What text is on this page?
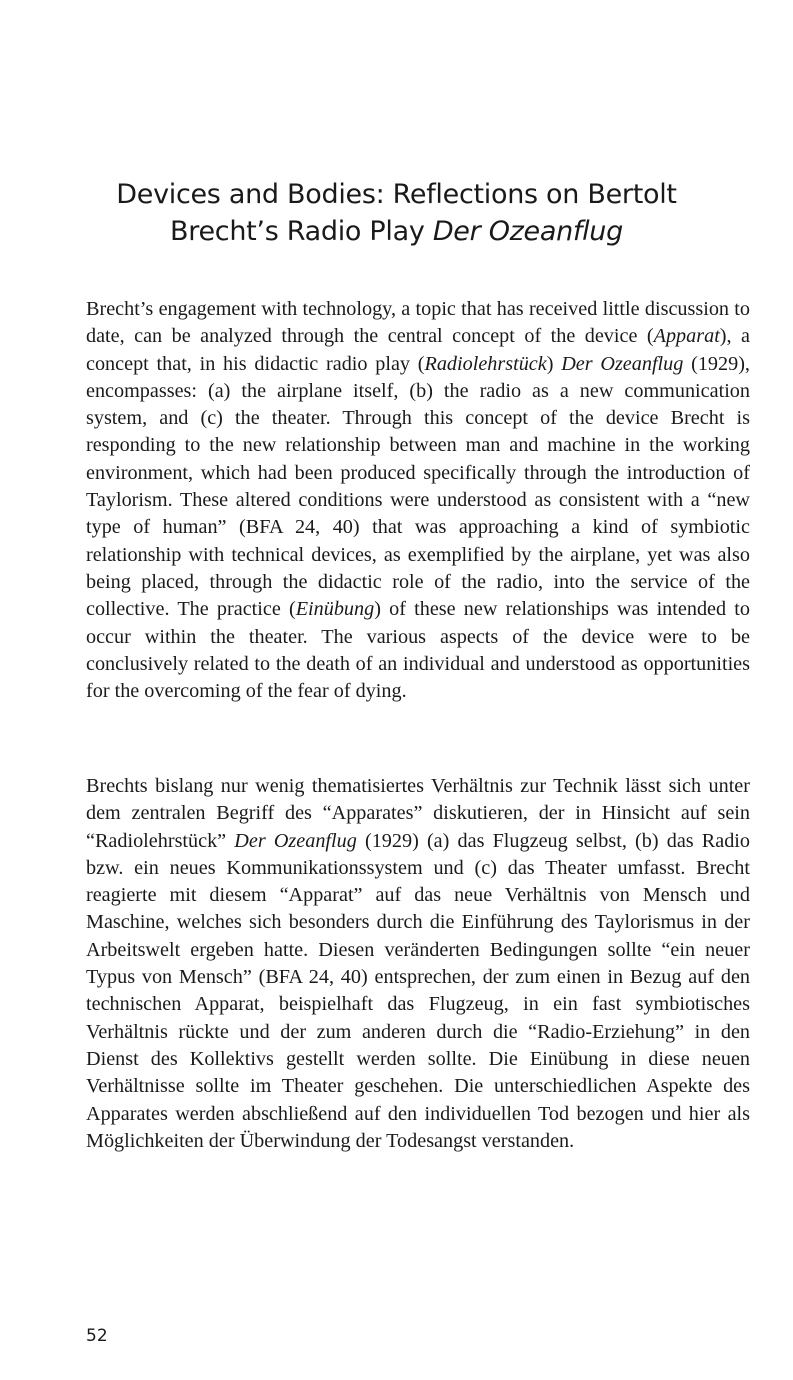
Devices and Bodies: Reflections on Bertolt
Brecht’s Radio Play Der Ozeanflug

Brecht’s engagement with technology, a topic that has received little discussion to date, can be analyzed through the central concept of the device (Apparat), a concept that, in his didactic radio play (Radiolehrstück) Der Ozeanflug (1929), encompasses: (a) the airplane itself, (b) the radio as a new communication system, and (c) the theater. Through this concept of the device Brecht is responding to the new relationship between man and machine in the working environment, which had been produced specifically through the introduction of Taylorism. These altered conditions were understood as consistent with a “new type of human” (BFA 24, 40) that was approaching a kind of symbiotic relationship with technical devices, as exemplified by the airplane, yet was also being placed, through the didactic role of the radio, into the service of the collective. The practice (Einübung) of these new relationships was intended to occur within the theater. The various aspects of the device were to be conclusively related to the death of an individual and understood as opportunities for the overcoming of the fear of dying.

Brechts bislang nur wenig thematisiertes Verhältnis zur Technik lässt sich unter dem zentralen Begriff des “Apparates” diskutieren, der in Hinsicht auf sein “Radiolehrstück” Der Ozeanflug (1929) (a) das Flugzeug selbst, (b) das Radio bzw. ein neues Kommunikationssystem und (c) das Theater umfasst. Brecht reagierte mit diesem “Apparat” auf das neue Verhältnis von Mensch und Maschine, welches sich besonders durch die Einführung des Taylorismus in der Arbeitswelt ergeben hatte. Diesen veränderten Bedingungen sollte “ein neuer Typus von Mensch” (BFA 24, 40) entsprechen, der zum einen in Bezug auf den technischen Apparat, beispielhaft das Flugzeug, in ein fast symbiotisches Verhältnis rückte und der zum anderen durch die “Radio-Erziehung” in den Dienst des Kollektivs gestellt werden sollte. Die Einübung in diese neuen Verhältnisse sollte im Theater geschehen. Die unterschiedlichen Aspekte des Apparates werden abschließend auf den individuellen Tod bezogen und hier als Möglichkeiten der Überwindung der Todesangst verstanden.

52
